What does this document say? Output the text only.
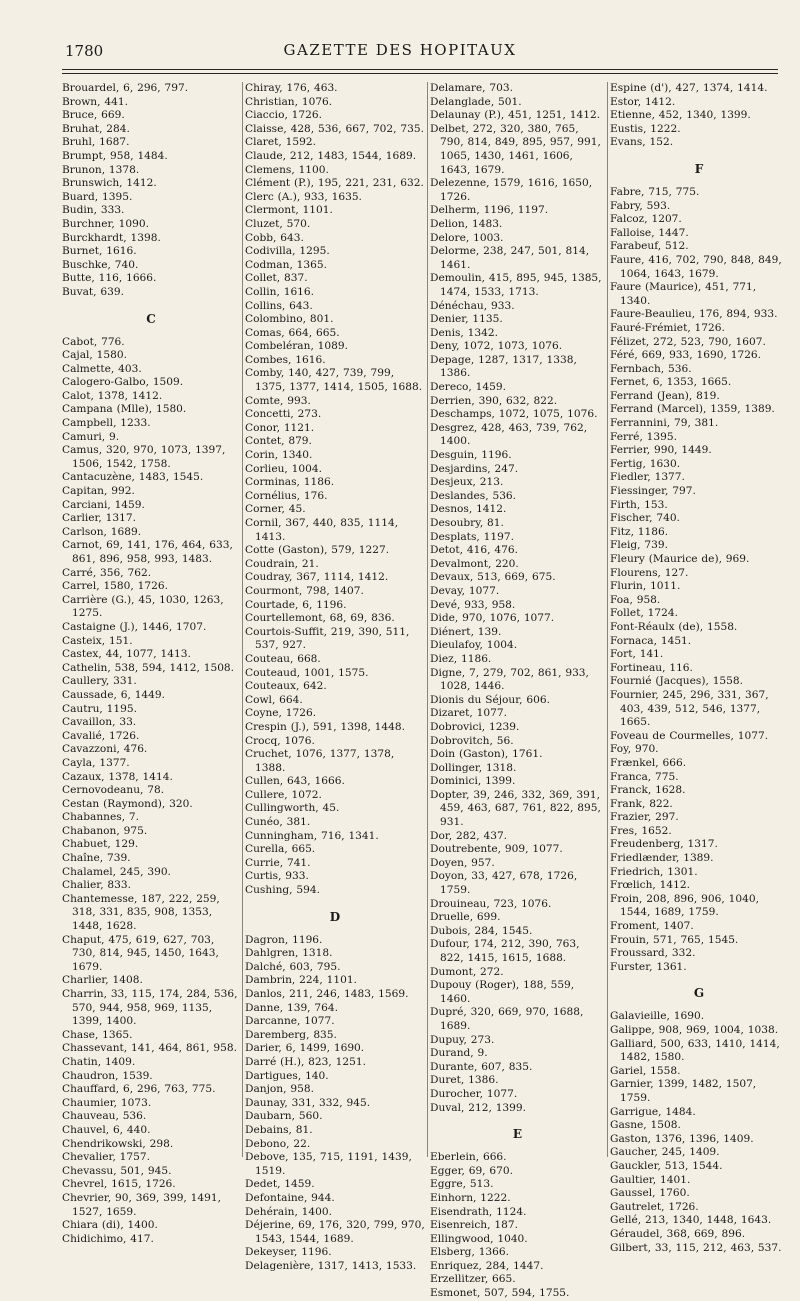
1780	GAZETTE DES HOPITAUX
Brouardel, 6, 296, 797.
Brown, 441.
Bruce, 669.
Bruhat, 284.
Bruhl, 1687.
Brumpt, 958, 1484.
Brunon, 1378.
Brunswich, 1412.
Buard, 1395.
Budin, 333.
Burchner, 1090.
Burckhardt, 1398.
Burnet, 1616.
Buschke, 740.
Butte, 116, 1666.
Buvat, 639.
C
Cabot, 776.
Cajal, 1580.
Calmette, 403.
Calogero-Galbo, 1509.
Calot, 1378, 1412.
Campana (Mlle), 1580.
Campbell, 1233.
Camuri, 9.
Camus, 320, 970, 1073, 1397, 1506, 1542, 1758.
Cantacuzène, 1483, 1545.
Capitan, 992.
Carciani, 1459.
Carlier, 1317.
Carlson, 1689.
Carnot, 69, 141, 176, 464, 633, 861, 896, 958, 993, 1483.
Carré, 356, 762.
Carrel, 1580, 1726.
Carrière (G.), 45, 1030, 1263, 1275.
Castaigne (J.), 1446, 1707.
Casteix, 151.
Castex, 44, 1077, 1413.
Cathelin, 538, 594, 1412, 1508.
Caullery, 331.
Caussade, 6, 1449.
Cautru, 1195.
Cavaillon, 33.
Cavalié, 1726.
Cavazzoni, 476.
Cayla, 1377.
Cazaux, 1378, 1414.
Cernovodeanu, 78.
Cestan (Raymond), 320.
Chabannes, 7.
Chabanon, 975.
Chabuet, 129.
Chaîne, 739.
Chalamel, 245, 390.
Chalier, 833.
Chantemesse, 187, 222, 259, 318, 331, 835, 908, 1353, 1448, 1628.
Chaput, 475, 619, 627, 703, 730, 814, 945, 1450, 1643, 1679.
Charlier, 1408.
Charrin, 33, 115, 174, 284, 536, 570, 944, 958, 969, 1135, 1399, 1400.
Chase, 1365.
Chassevant, 141, 464, 861, 958.
Chatin, 1409.
Chaudron, 1539.
Chauffard, 6, 296, 763, 775.
Chaumier, 1073.
Chauveau, 536.
Chauvel, 6, 440.
Chendrikowski, 298.
Chevalier, 1757.
Chevassu, 501, 945.
Chevrel, 1615, 1726.
Chevrier, 90, 369, 399, 1491, 1527, 1659.
Chiara (di), 1400.
Chidichimo, 417.
Chiray, 176, 463.
Christian, 1076.
Ciaccio, 1726.
Claisse, 428, 536, 667, 702, 735.
Claret, 1592.
Claude, 212, 1483, 1544, 1689.
Clemens, 1100.
Clément (P.), 195, 221, 231, 632.
Clerc (A.), 933, 1635.
Clermont, 1101.
Cluzet, 570.
Cobb, 643.
Codivilla, 1295.
Codman, 1365.
Collet, 837.
Collin, 1616.
Collins, 643.
Colombino, 801.
Comas, 664, 665.
Combeléran, 1089.
Combes, 1616.
Comby, 140, 427, 739, 799, 1375, 1377, 1414, 1505, 1688.
Comte, 993.
Concetti, 273.
Conor, 1121.
Contet, 879.
Corin, 1340.
Corlieu, 1004.
Corminas, 1186.
Cornélius, 176.
Corner, 45.
Cornil, 367, 440, 835, 1114, 1413.
Cotte (Gaston), 579, 1227.
Coudrain, 21.
Coudray, 367, 1114, 1412.
Courmont, 798, 1407.
Courtade, 6, 1196.
Courtellemont, 68, 69, 836.
Courtois-Suffit, 219, 390, 511, 537, 927.
Couteau, 668.
Couteaud, 1001, 1575.
Couteaux, 642.
Cowl, 664.
Coyne, 1726.
Crespin (J.), 591, 1398, 1448.
Crocq, 1076.
Cruchet, 1076, 1377, 1378, 1388.
Cullen, 643, 1666.
Cullere, 1072.
Cullingworth, 45.
Cunéo, 381.
Cunningham, 716, 1341.
Curella, 665.
Currie, 741.
Curtis, 933.
Cushing, 594.
D
Dagron, 1196.
Dahlgren, 1318.
Dalché, 603, 795.
Dambrin, 224, 1101.
Danlos, 211, 246, 1483, 1569.
Danne, 139, 764.
Darcanne, 1077.
Daremberg, 835.
Darier, 6, 1499, 1690.
Darré (H.), 823, 1251.
Dartigues, 140.
Danjon, 958.
Daunay, 331, 332, 945.
Daubarn, 560.
Debains, 81.
Debono, 22.
Debove, 135, 715, 1191, 1439, 1519.
Dedet, 1459.
Defontaine, 944.
Dehérain, 1400.
Déjerine, 69, 176, 320, 799, 970, 1543, 1544, 1689.
Dekeyser, 1196.
Delagenière, 1317, 1413, 1533.
Delamare, 703.
Delanglade, 501.
Delaunay (P.), 451, 1251, 1412.
Delbet, 272, 320, 380, 765, 790, 814, 849, 895, 957, 991, 1065, 1430, 1461, 1606, 1643, 1679.
Delezenne, 1579, 1616, 1650, 1726.
Delherm, 1196, 1197.
Delion, 1483.
Delore, 1003.
Delorme, 238, 247, 501, 814, 1461.
Demoulin, 415, 895, 945, 1385, 1474, 1533, 1713.
Dénéchau, 933.
Denier, 1135.
Denis, 1342.
Deny, 1072, 1073, 1076.
Depage, 1287, 1317, 1338, 1386.
Dereco, 1459.
Derrien, 390, 632, 822.
Deschamps, 1072, 1075, 1076.
Desgrez, 428, 463, 739, 762, 1400.
Desguin, 1196.
Desjardins, 247.
Desjeux, 213.
Deslandes, 536.
Desnos, 1412.
Desoubry, 81.
Desplats, 1197.
Detot, 416, 476.
Devalmont, 220.
Devaux, 513, 669, 675.
Devay, 1077.
Devé, 933, 958.
Dide, 970, 1076, 1077.
Diénert, 139.
Dieulafoy, 1004.
Diez, 1186.
Digne, 7, 279, 702, 861, 933, 1028, 1446.
Dionis du Séjour, 606.
Dizaret, 1077.
Dobrovici, 1239.
Dobrovitch, 56.
Doin (Gaston), 1761.
Dollinger, 1318.
Dominici, 1399.
Dopter, 39, 246, 332, 369, 391, 459, 463, 687, 761, 822, 895, 931.
Dor, 282, 437.
Doutrebente, 909, 1077.
Doyen, 957.
Doyon, 33, 427, 678, 1726, 1759.
Drouineau, 723, 1076.
Druelle, 699.
Dubois, 284, 1545.
Dufour, 174, 212, 390, 763, 822, 1415, 1615, 1688.
Dumont, 272.
Dupouy (Roger), 188, 559, 1460.
Dupré, 320, 669, 970, 1688, 1689.
Dupuy, 273.
Durand, 9.
Durante, 607, 835.
Duret, 1386.
Durocher, 1077.
Duval, 212, 1399.
E
Eberlein, 666.
Egger, 69, 670.
Eggre, 513.
Einhorn, 1222.
Eisendrath, 1124.
Eisenreich, 187.
Ellingwood, 1040.
Elsberg, 1366.
Enriquez, 284, 1447.
Erzellitzer, 665.
Esmonet, 507, 594, 1755.
Espine (d'), 427, 1374, 1414.
Estor, 1412.
Etienne, 452, 1340, 1399.
Eustis, 1222.
Evans, 152.
F
Fabre, 715, 775.
Fabry, 593.
Falcoz, 1207.
Falloise, 1447.
Farabeuf, 512.
Faure, 416, 702, 790, 848, 849, 1064, 1643, 1679.
Faure (Maurice), 451, 771, 1340.
Faure-Beaulieu, 176, 894, 933.
Fauré-Frémiet, 1726.
Félizet, 272, 523, 790, 1607.
Féré, 669, 933, 1690, 1726.
Fernbach, 536.
Fernet, 6, 1353, 1665.
Ferrand (Jean), 819.
Ferrand (Marcel), 1359, 1389.
Ferrannini, 79, 381.
Ferré, 1395.
Ferrier, 990, 1449.
Fertig, 1630.
Fiedler, 1377.
Fiessinger, 797.
Firth, 153.
Fischer, 740.
Fitz, 1186.
Fleig, 739.
Fleury (Maurice de), 969.
Flourens, 127.
Flurin, 1011.
Foa, 958.
Follet, 1724.
Font-Réaulx (de), 1558.
Fornaca, 1451.
Fort, 141.
Fortineau, 116.
Fournié (Jacques), 1558.
Fournier, 245, 296, 331, 367, 403, 439, 512, 546, 1377, 1665.
Foveau de Courmelles, 1077.
Foy, 970.
Frænkel, 666.
Franca, 775.
Franck, 1628.
Frank, 822.
Frazier, 297.
Fres, 1652.
Freudenberg, 1317.
Friedlænder, 1389.
Friedrich, 1301.
Frœlich, 1412.
Froin, 208, 896, 906, 1040, 1544, 1689, 1759.
Froment, 1407.
Frouin, 571, 765, 1545.
Froussard, 332.
Furster, 1361.
G
Galavieille, 1690.
Galippe, 908, 969, 1004, 1038.
Galliard, 500, 633, 1410, 1414, 1482, 1580.
Gariel, 1558.
Garnier, 1399, 1482, 1507, 1759.
Garrigue, 1484.
Gasne, 1508.
Gaston, 1376, 1396, 1409.
Gaucher, 245, 1409.
Gauckler, 513, 1544.
Gaultier, 1401.
Gaussel, 1760.
Gautrelet, 1726.
Gellé, 213, 1340, 1448, 1643.
Géraudel, 368, 669, 896.
Gilbert, 33, 115, 212, 463, 537.
